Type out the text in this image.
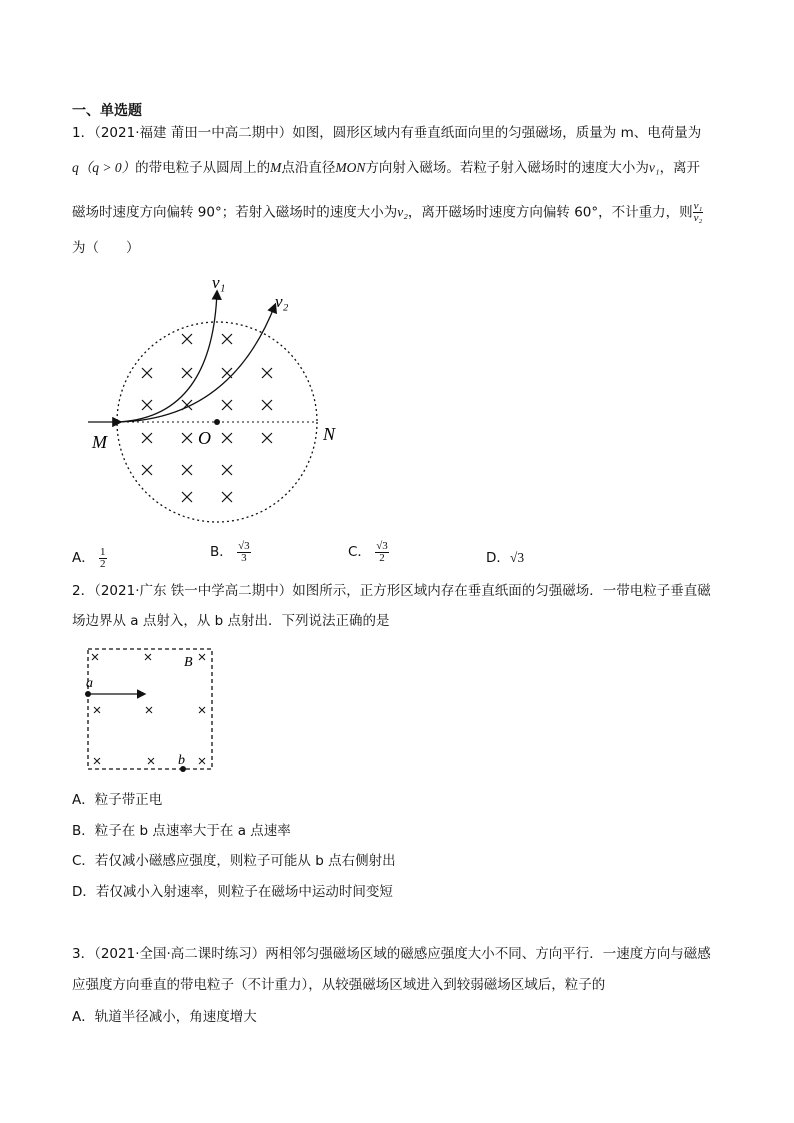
一、单选题
1．（2021·福建 莆田一中高二期中）如图，圆形区域内有垂直纸面向里的匀强磁场，质量为 m、电荷量为
q（q > 0）的带电粒子从圆周上的M点沿直径MON方向射入磁场。若粒子射入磁场时的速度大小为v₁，离开
磁场时速度方向偏转 90°；若射入磁场时的速度大小为v₂，离开磁场时速度方向偏转 60°，不计重力，则 $\frac{\text{v₁}}{\text{v₂}}$
为（　　）
v₁
v₂
M	O	N
A． $\frac{1}{2}$	B． $\frac{√3}{3}$	C． $\frac{√3}{2}$	D．√3
2．（2021·广东 铁一中学高二期中）如图所示，正方形区域内存在垂直纸面的匀强磁场．一带电粒子垂直磁
场边界从 a 点射入，从 b 点射出．下列说法正确的是
B
a
b
A．粒子带正电
B．粒子在 b 点速率大于在 a 点速率
C．若仅减小磁感应强度，则粒子可能从 b 点右侧射出
D．若仅减小入射速率，则粒子在磁场中运动时间变短
3．（2021·全国·高二课时练习）两相邻匀强磁场区域的磁感应强度大小不同、方向平行．一速度方向与磁感
应强度方向垂直的带电粒子（不计重力），从较强磁场区域进入到较弱磁场区域后，粒子的
A．轨道半径减小，角速度增大
